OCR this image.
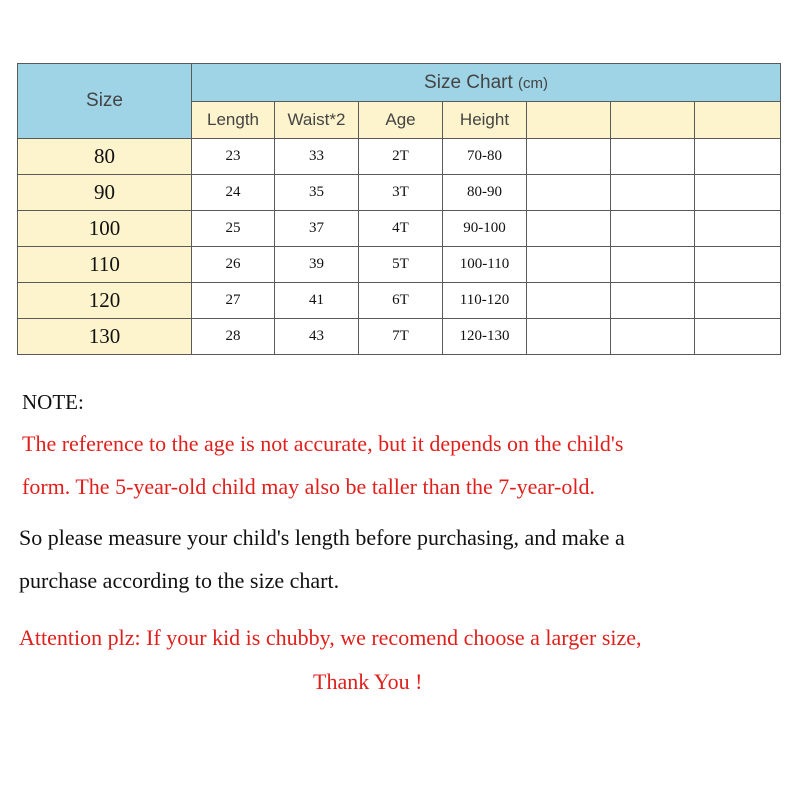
Size	Size Chart (cm)						
	Length	Waist*2	Age	Height			
80	23	33	2T	70-80			
90	24	35	3T	80-90			
100	25	37	4T	90-100			
110	26	39	5T	100-110			
120	27	41	6T	110-120			
130	28	43	7T	120-130			

NOTE:

The reference to the age is not accurate, but it depends on the child's

form. The 5-year-old child may also be taller than the 7-year-old.

So please measure your child's length before purchasing, and make a

purchase according to the size chart.

Attention plz: If your kid is chubby, we recomend choose a larger size,

Thank You !
